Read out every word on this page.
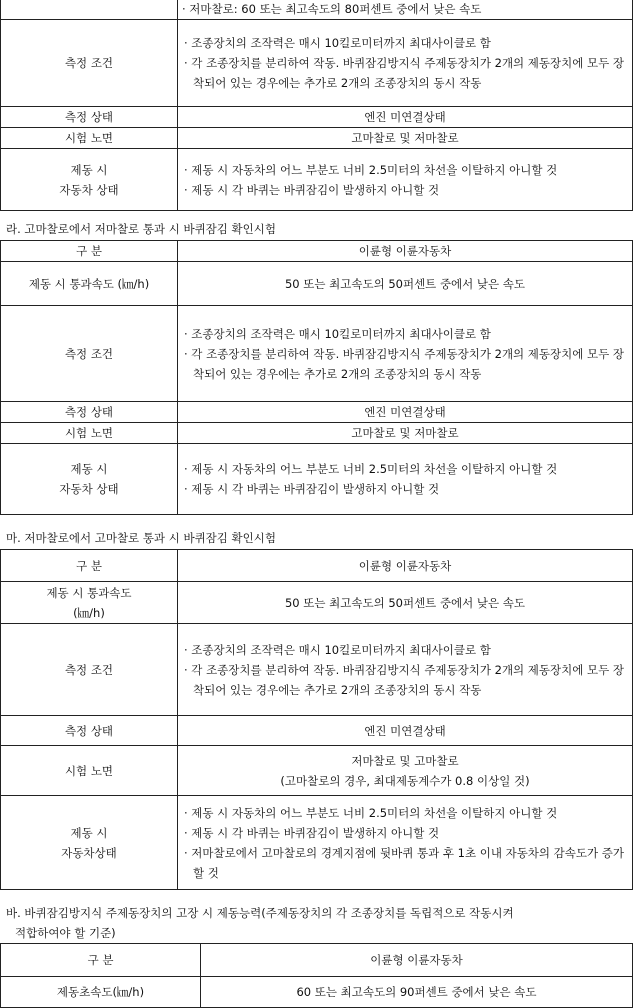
	· 저마찰로: 60 또는 최고속도의 80퍼센트 중에서 낮은 속도
측정 조건	· 조종장치의 조작력은 매시 10킬로미터까지 최대사이클로 함
· 각 조종장치를 분리하여 작동. 바퀴잠김방지식 주제동장치가 2개의 제동장치에 모두 장착되어 있는 경우에는 추가로 2개의 조종장치의 동시 작동

측정 상태	엔진 미연결상태
시험 노면	고마찰로 및 저마찰로

제동 시
자동차 상태	· 제동 시 자동차의 어느 부분도 너비 2.5미터의 차선을 이탈하지 아니할 것
· 제동 시 각 바퀴는 바퀴잠김이 발생하지 아니할 것
라. 고마찰로에서 저마찰로 통과 시 바퀴잠김 확인시험
구 분	이륜형 이륜자동차
제동 시 통과속도 (㎞/h)	50 또는 최고속도의 50퍼센트 중에서 낮은 속도
측정 조건	· 조종장치의 조작력은 매시 10킬로미터까지 최대사이클로 함
· 각 조종장치를 분리하여 작동. 바퀴잠김방지식 주제동장치가 2개의 제동장치에 모두 장착되어 있는 경우에는 추가로 2개의 조종장치의 동시 작동

측정 상태	엔진 미연결상태
시험 노면	고마찰로 및 저마찰로

제동 시
자동차 상태	· 제동 시 자동차의 어느 부분도 너비 2.5미터의 차선을 이탈하지 아니할 것
· 제동 시 각 바퀴는 바퀴잠김이 발생하지 아니할 것
마. 저마찰로에서 고마찰로 통과 시 바퀴잠김 확인시험
구 분	이륜형 이륜자동차

제동 시 통과속도
(㎞/h)	50 또는 최고속도의 50퍼센트 중에서 낮은 속도
측정 조건	· 조종장치의 조작력은 매시 10킬로미터까지 최대사이클로 함
· 각 조종장치를 분리하여 작동. 바퀴잠김방지식 주제동장치가 2개의 제동장치에 모두 장착되어 있는 경우에는 추가로 2개의 조종장치의 동시 작동

측정 상태	엔진 미연결상태
시험 노면	저마찰로 및 고마찰로
(고마찰로의 경우, 최대제동계수가 0.8 이상일 것)

제동 시
자동차상태	· 제동 시 자동차의 어느 부분도 너비 2.5미터의 차선을 이탈하지 아니할 것
· 제동 시 각 바퀴는 바퀴잠김이 발생하지 아니할 것
· 저마찰로에서 고마찰로의 경계지점에 뒷바퀴 통과 후 1초 이내 자동차의 감속도가 증가할 것
바. 바퀴잠김방지식 주제동장치의 고장 시 제동능력(주제동장치의 각 조종장치를 독립적으로 작동시켜
적합하여야 할 기준)
구 분	이륜형 이륜자동차
제동초속도(㎞/h)	60 또는 최고속도의 90퍼센트 중에서 낮은 속도
